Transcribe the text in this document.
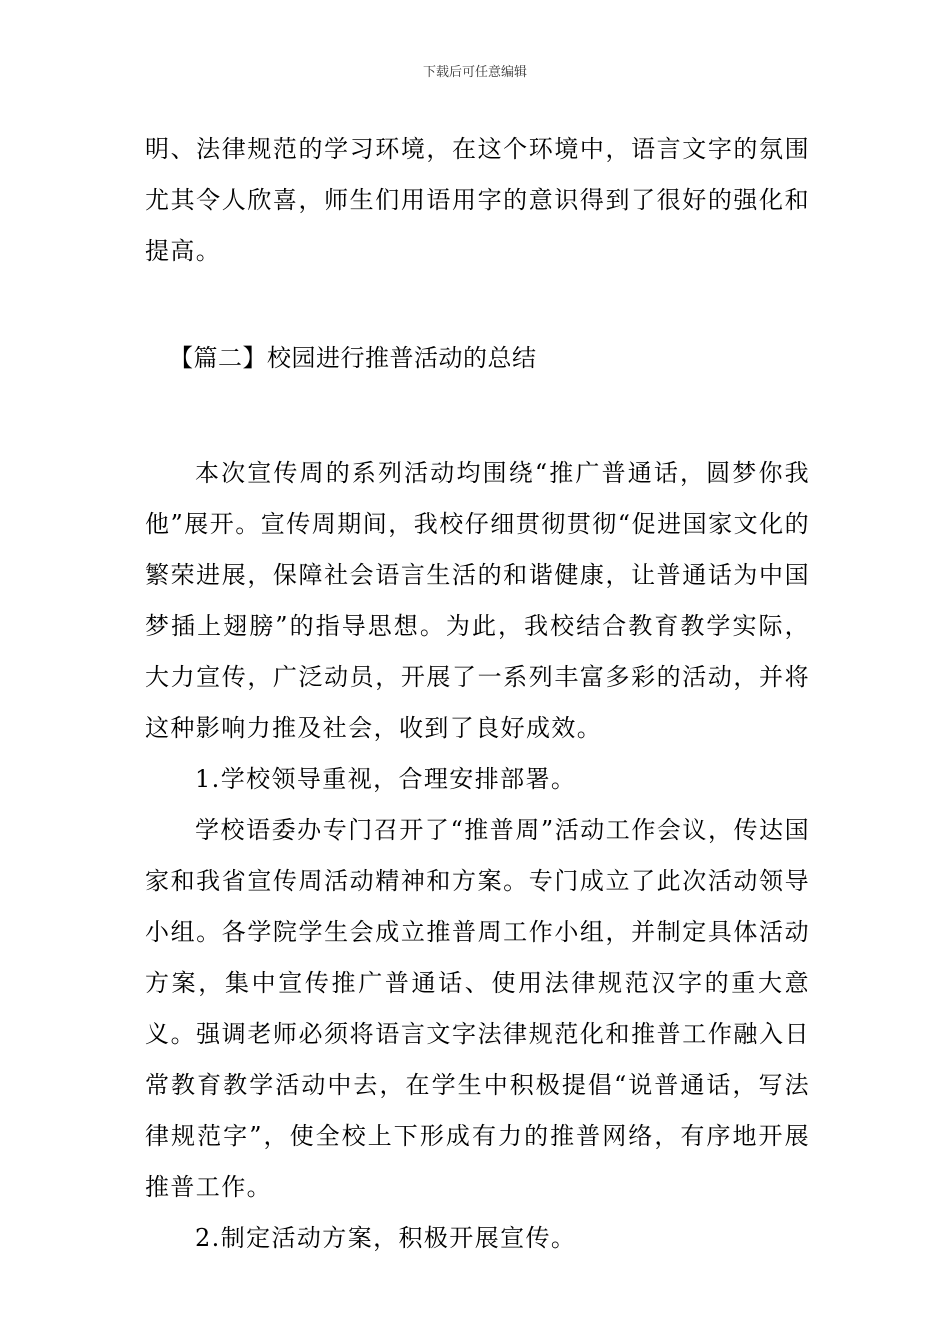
下载后可任意编辑

明、法律规范的学习环境，在这个环境中，语言文字的氛围尤其令人欣喜，师生们用语用字的意识得到了很好的强化和提高。

【篇二】校园进行推普活动的总结

本次宣传周的系列活动均围绕“推广普通话，圆梦你我他”展开。宣传周期间，我校仔细贯彻贯彻“促进国家文化的繁荣进展，保障社会语言生活的和谐健康，让普通话为中国梦插上翅膀”的指导思想。为此，我校结合教育教学实际，大力宣传，广泛动员，开展了一系列丰富多彩的活动，并将这种影响力推及社会，收到了良好成效。

1.学校领导重视，合理安排部署。

学校语委办专门召开了“推普周”活动工作会议，传达国家和我省宣传周活动精神和方案。专门成立了此次活动领导小组。各学院学生会成立推普周工作小组，并制定具体活动方案，集中宣传推广普通话、使用法律规范汉字的重大意义。强调老师必须将语言文字法律规范化和推普工作融入日常教育教学活动中去，在学生中积极提倡“说普通话，写法律规范字”，使全校上下形成有力的推普网络，有序地开展推普工作。

2.制定活动方案，积极开展宣传。
